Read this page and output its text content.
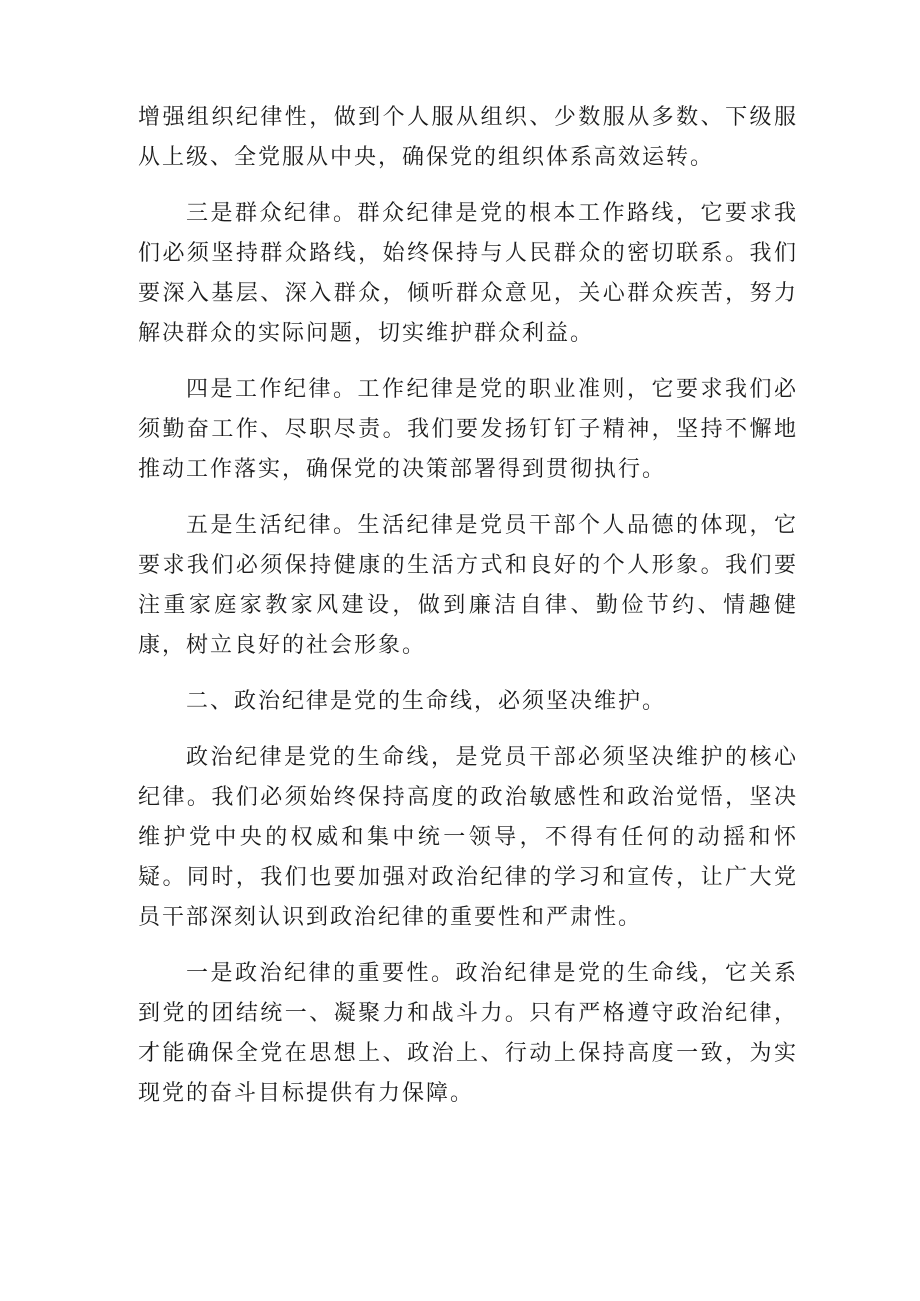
增强组织纪律性，做到个人服从组织、少数服从多数、下级服从上级、全党服从中央，确保党的组织体系高效运转。

三是群众纪律。群众纪律是党的根本工作路线，它要求我们必须坚持群众路线，始终保持与人民群众的密切联系。我们要深入基层、深入群众，倾听群众意见，关心群众疾苦，努力解决群众的实际问题，切实维护群众利益。

四是工作纪律。工作纪律是党的职业准则，它要求我们必须勤奋工作、尽职尽责。我们要发扬钉钉子精神，坚持不懈地推动工作落实，确保党的决策部署得到贯彻执行。

五是生活纪律。生活纪律是党员干部个人品德的体现，它要求我们必须保持健康的生活方式和良好的个人形象。我们要注重家庭家教家风建设，做到廉洁自律、勤俭节约、情趣健康，树立良好的社会形象。

二、政治纪律是党的生命线，必须坚决维护。

政治纪律是党的生命线，是党员干部必须坚决维护的核心纪律。我们必须始终保持高度的政治敏感性和政治觉悟，坚决维护党中央的权威和集中统一领导，不得有任何的动摇和怀疑。同时，我们也要加强对政治纪律的学习和宣传，让广大党员干部深刻认识到政治纪律的重要性和严肃性。

一是政治纪律的重要性。政治纪律是党的生命线，它关系到党的团结统一、凝聚力和战斗力。只有严格遵守政治纪律，才能确保全党在思想上、政治上、行动上保持高度一致，为实现党的奋斗目标提供有力保障。
